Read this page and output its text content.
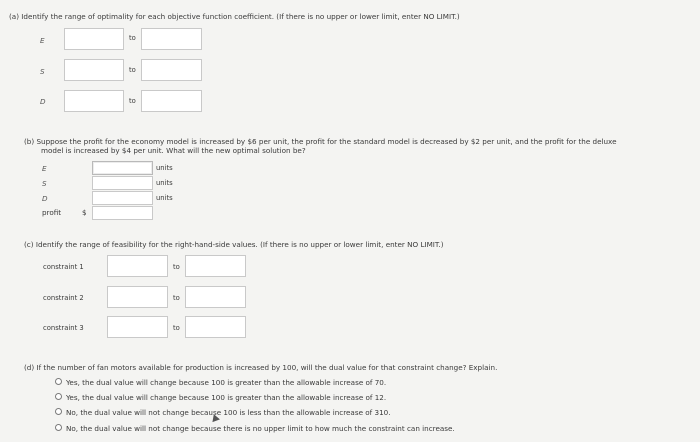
(a) Identify the range of optimality for each objective function coefficient. (If there is no upper or lower limit, enter NO LIMIT.)
E	to
S	to
D	to
(b) Suppose the profit for the economy model is increased by $6 per unit, the profit for the standard model is decreased by $2 per unit, and the profit for the deluxe
model is increased by $4 per unit. What will the new optimal solution be?
E	units
S	units
D	units
profit	$
(c) Identify the range of feasibility for the right-hand-side values. (If there is no upper or lower limit, enter NO LIMIT.)
constraint 1	to
constraint 2	to
constraint 3	to
(d) If the number of fan motors available for production is increased by 100, will the dual value for that constraint change? Explain.
Yes, the dual value will change because 100 is greater than the allowable increase of 70.
Yes, the dual value will change because 100 is greater than the allowable increase of 12.
No, the dual value will not change because 100 is less than the allowable increase of 310.
No, the dual value will not change because there is no upper limit to how much the constraint can increase.
